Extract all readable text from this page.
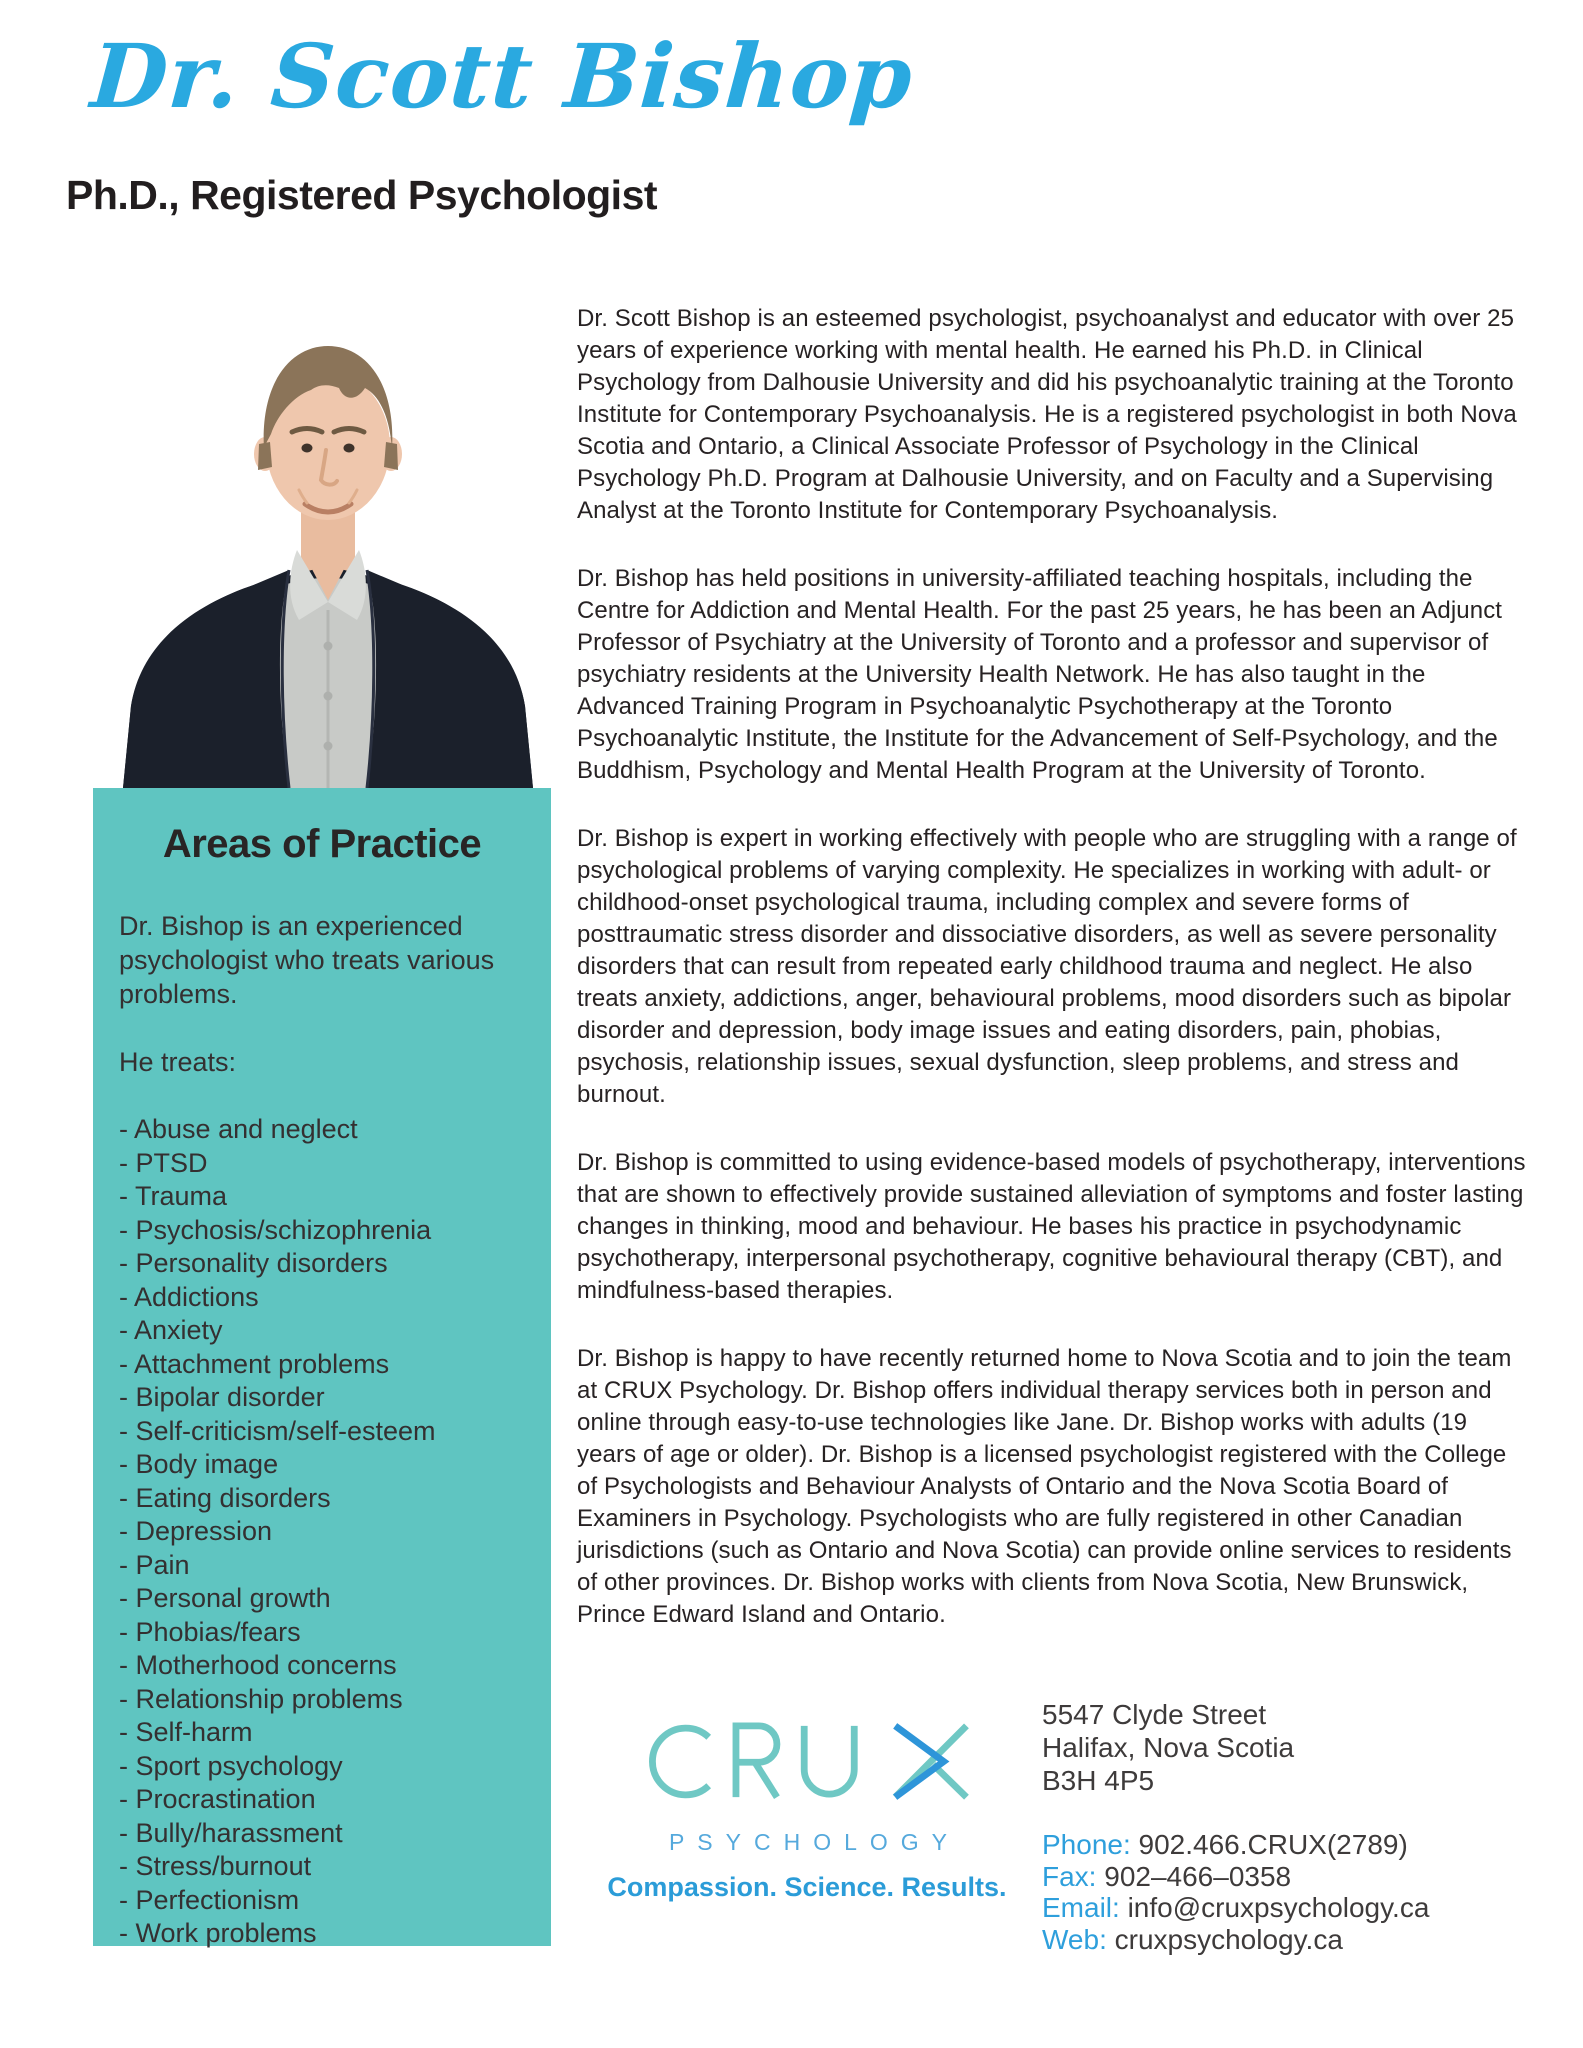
Dr. Scott Bishop
Ph.D., Registered Psychologist
Areas of Practice

Dr. Bishop is an experienced psychologist who treats various problems.

He treats:

- Abuse and neglect
- PTSD
- Trauma
- Psychosis/schizophrenia
- Personality disorders
- Addictions
- Anxiety
- Attachment problems
- Bipolar disorder
- Self-criticism/self-esteem
- Body image
- Eating disorders
- Depression
- Pain
- Personal growth
- Phobias/fears
- Motherhood concerns
- Relationship problems
- Self-harm
- Sport psychology
- Procrastination
- Bully/harassment
- Stress/burnout
- Perfectionism
- Work problems

Dr. Scott Bishop is an esteemed psychologist, psychoanalyst and educator with over 25 years of experience working with mental health. He earned his Ph.D. in Clinical Psychology from Dalhousie University and did his psychoanalytic training at the Toronto Institute for Contemporary Psychoanalysis. He is a registered psychologist in both Nova Scotia and Ontario, a Clinical Associate Professor of Psychology in the Clinical Psychology Ph.D. Program at Dalhousie University, and on Faculty and a Supervising Analyst at the Toronto Institute for Contemporary Psychoanalysis.

Dr. Bishop has held positions in university-affiliated teaching hospitals, including the Centre for Addiction and Mental Health. For the past 25 years, he has been an Adjunct Professor of Psychiatry at the University of Toronto and a professor and supervisor of psychiatry residents at the University Health Network. He has also taught in the Advanced Training Program in Psychoanalytic Psychotherapy at the Toronto Psychoanalytic Institute, the Institute for the Advancement of Self-Psychology, and the Buddhism, Psychology and Mental Health Program at the University of Toronto.

Dr. Bishop is expert in working effectively with people who are struggling with a range of psychological problems of varying complexity. He specializes in working with adult- or childhood-onset psychological trauma, including complex and severe forms of posttraumatic stress disorder and dissociative disorders, as well as severe personality disorders that can result from repeated early childhood trauma and neglect. He also treats anxiety, addictions, anger, behavioural problems, mood disorders such as bipolar disorder and depression, body image issues and eating disorders, pain, phobias, psychosis, relationship issues, sexual dysfunction, sleep problems, and stress and burnout.

Dr. Bishop is committed to using evidence-based models of psychotherapy, interventions that are shown to effectively provide sustained alleviation of symptoms and foster lasting changes in thinking, mood and behaviour. He bases his practice in psychodynamic psychotherapy, interpersonal psychotherapy, cognitive behavioural therapy (CBT), and mindfulness-based therapies.

Dr. Bishop is happy to have recently returned home to Nova Scotia and to join the team at CRUX Psychology. Dr. Bishop offers individual therapy services both in person and online through easy-to-use technologies like Jane. Dr. Bishop works with adults (19 years of age or older). Dr. Bishop is a licensed psychologist registered with the College of Psychologists and Behaviour Analysts of Ontario and the Nova Scotia Board of Examiners in Psychology. Psychologists who are fully registered in other Canadian jurisdictions (such as Ontario and Nova Scotia) can provide online services to residents of other provinces. Dr. Bishop works with clients from Nova Scotia, New Brunswick, Prince Edward Island and Ontario.

PSYCHOLOGY
Compassion. Science. Results.
5547 Clyde Street
Halifax, Nova Scotia
B3H 4P5
Phone: 902.466.CRUX(2789)
Fax: 902–466–0358
Email: info@cruxpsychology.ca
Web: cruxpsychology.ca
